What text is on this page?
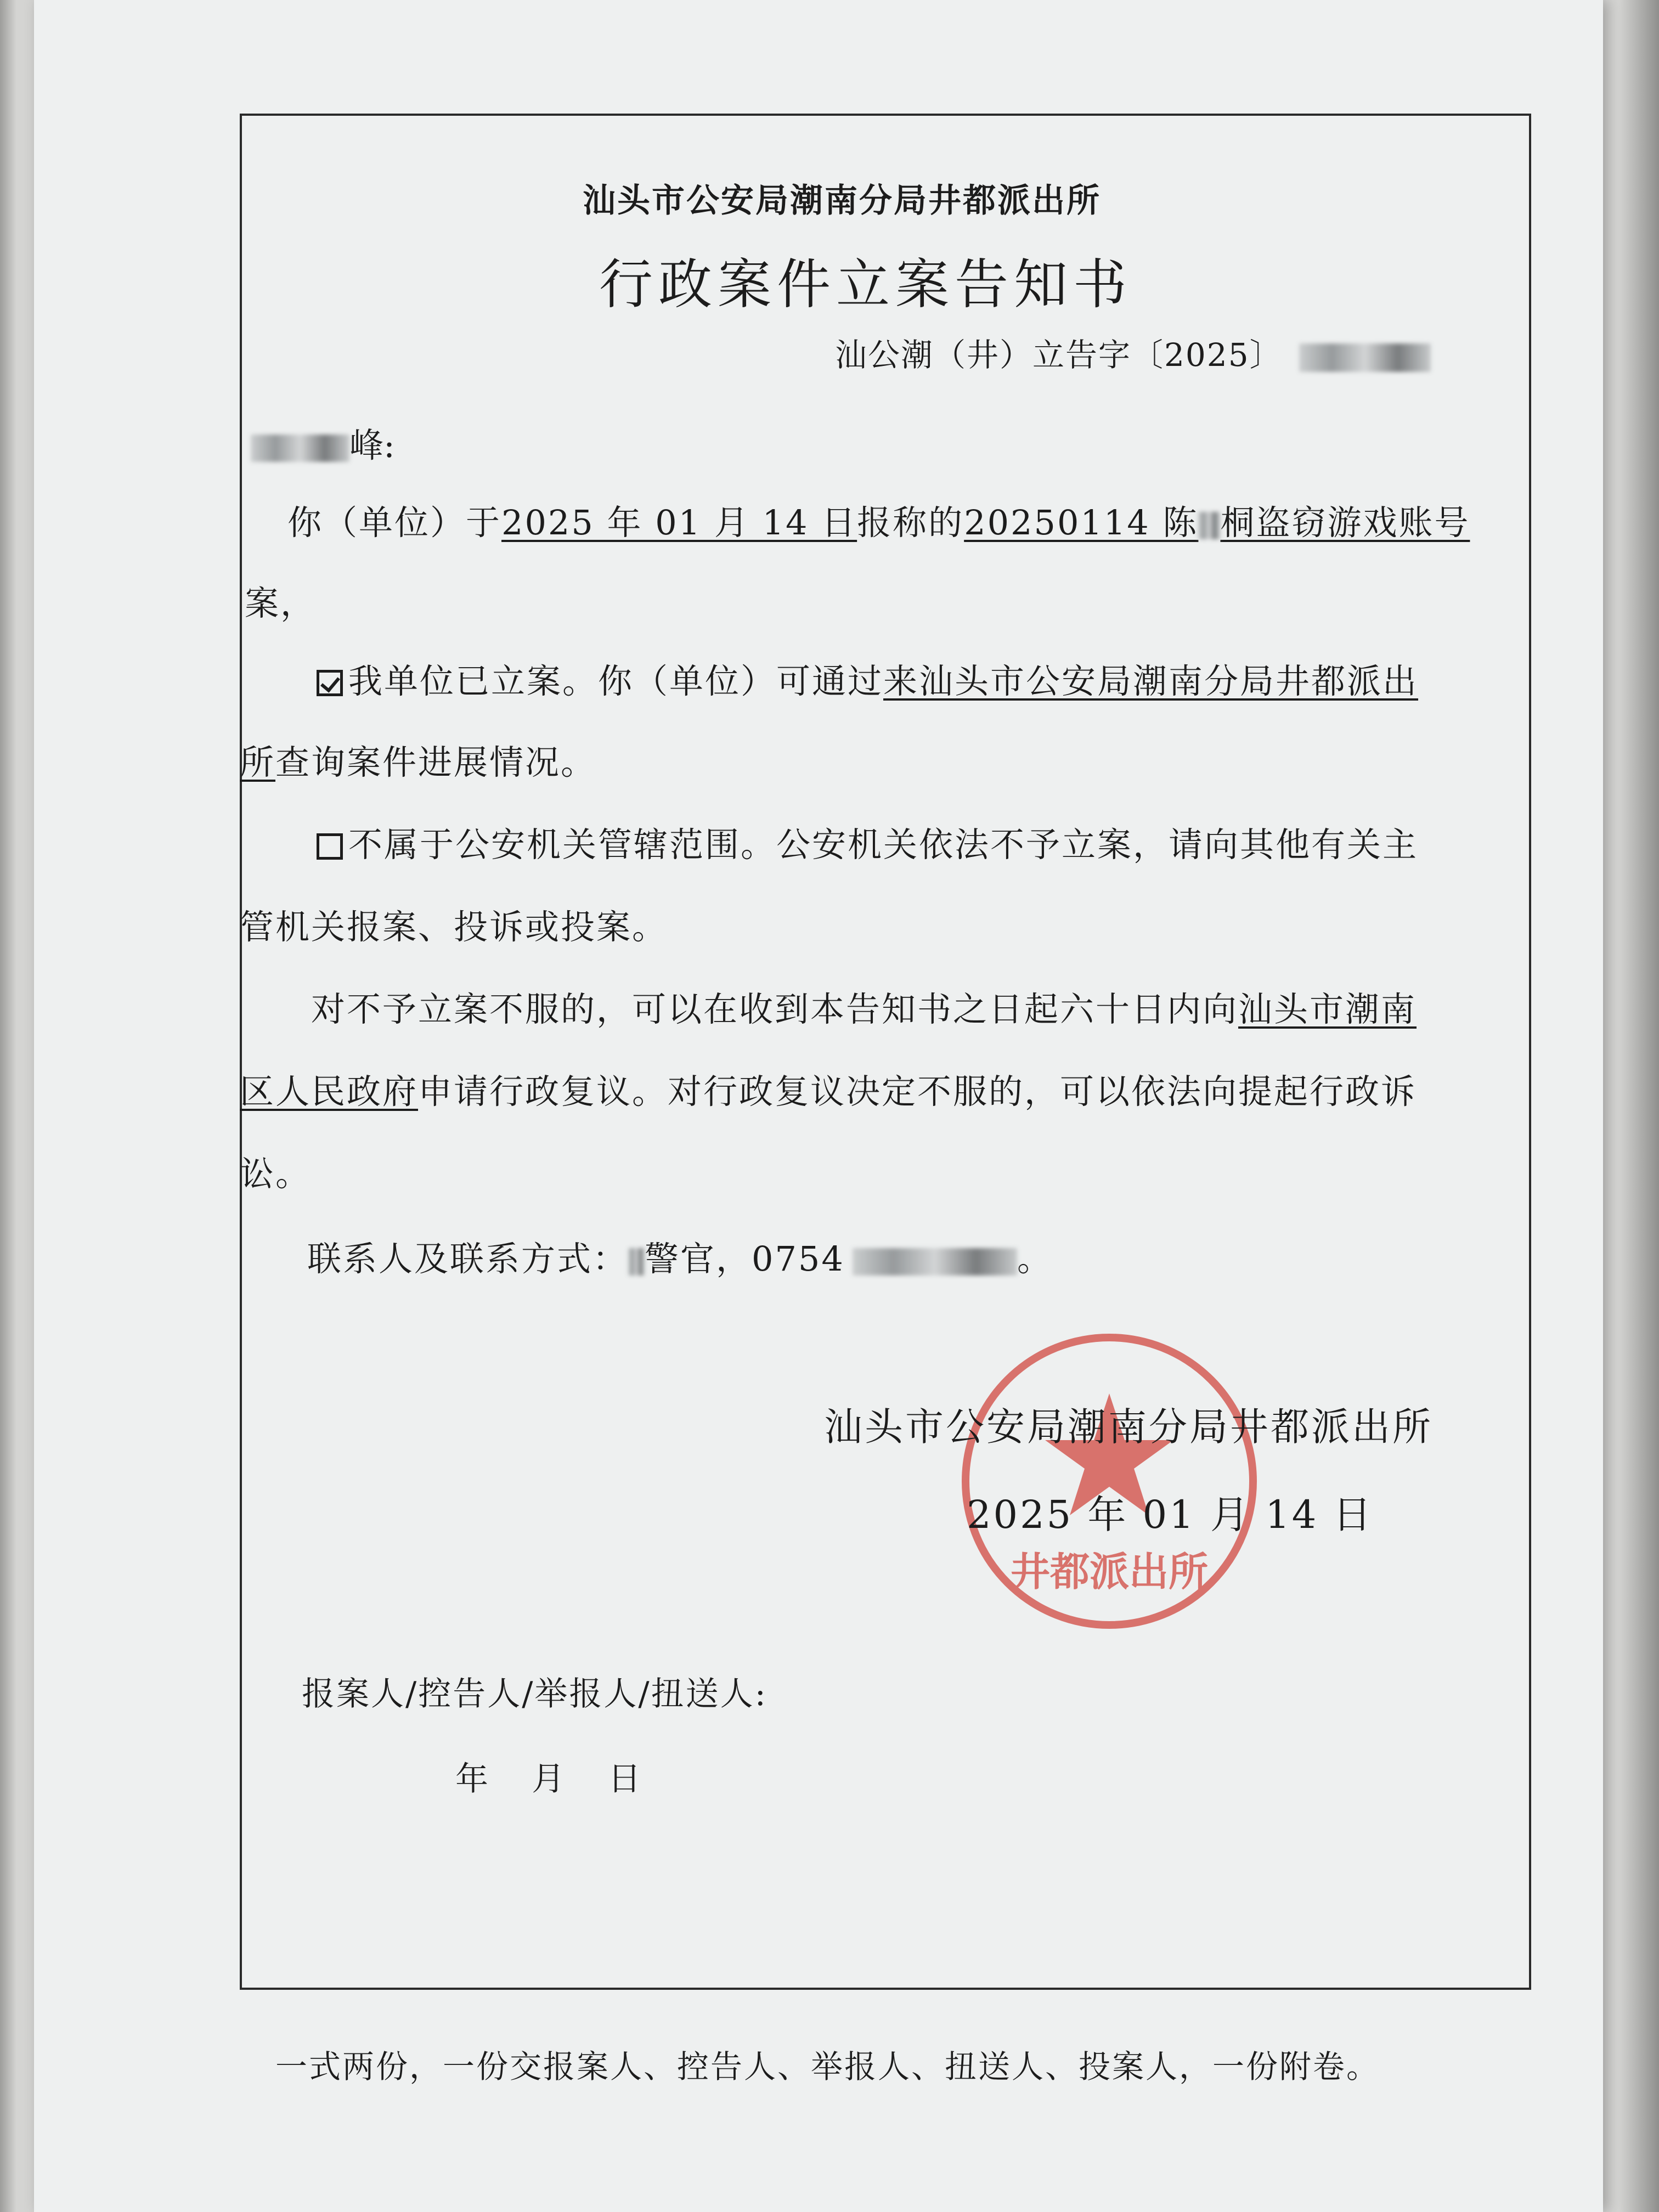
汕头市公安局潮南分局井都派出所
行政案件立案告知书
汕公潮（井）立告字〔2025〕
峰:
你（单位）于2025 年 01 月 14 日报称的20250114 陈 桐盗窃游戏账号
案，
我单位已立案。你（单位）可通过来汕头市公安局潮南分局井都派出
所查询案件进展情况。
不属于公安机关管辖范围。公安机关依法不予立案，请向其他有关主
管机关报案、投诉或投案。
对不予立案不服的，可以在收到本告知书之日起六十日内向汕头市潮南
区人民政府申请行政复议。对行政复议决定不服的，可以依法向提起行政诉
讼。
联系人及联系方式： 警官，0754	。
井都派出所
汕头市公安局潮南分局井都派出所
2025 年 01 月 14 日
报案人/控告人/举报人/扭送人:
年 月 日
一式两份，一份交报案人、控告人、举报人、扭送人、投案人，一份附卷。
